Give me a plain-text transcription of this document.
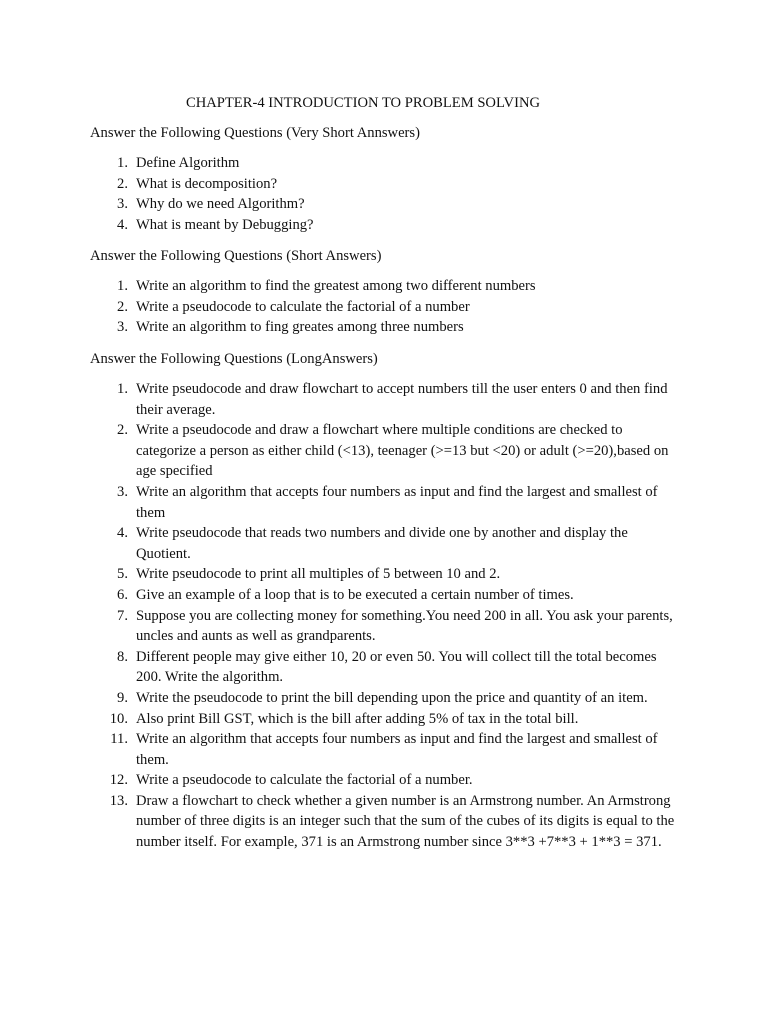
CHAPTER-4 INTRODUCTION TO PROBLEM SOLVING

Answer the Following Questions (Very Short Annswers)

1. Define Algorithm
2. What is decomposition?
3. Why do we need Algorithm?
4. What is meant by Debugging?

Answer the Following Questions (Short Answers)

1. Write an algorithm to find the greatest among two different numbers
2. Write a pseudocode to calculate the factorial of a number
3. Write an algorithm to fing greates among three numbers

Answer the Following Questions (LongAnswers)

1. Write pseudocode and draw flowchart to accept numbers till the user enters 0 and then find their average.
2. Write a pseudocode and draw a flowchart where multiple conditions are checked to categorize a person as either child (<13), teenager (>=13 but <20) or adult (>=20),based on age specified
3. Write an algorithm that accepts four numbers as input and find the largest and smallest of them
4. Write pseudocode that reads two numbers and divide one by another and display the Quotient.
5. Write pseudocode to print all multiples of 5 between 10 and 2.
6. Give an example of a loop that is to be executed a certain number of times.
7. Suppose you are collecting money for something.You need 200 in all. You ask your parents, uncles and aunts as well as grandparents.
8. Different people may give either 10, 20 or even 50. You will collect till the total becomes 200. Write the algorithm.
9. Write the pseudocode to print the bill depending upon the price and quantity of an item.
10. Also print Bill GST, which is the bill after adding 5% of tax in the total bill.
11. Write an algorithm that accepts four numbers as input and find the largest and smallest of them.
12. Write a pseudocode to calculate the factorial of a number.
13. Draw a flowchart to check whether a given number is an Armstrong number. An Armstrong number of three digits is an integer such that the sum of the cubes of its digits is equal to the number itself. For example, 371 is an Armstrong number since 3**3 +7**3 + 1**3 = 371.
